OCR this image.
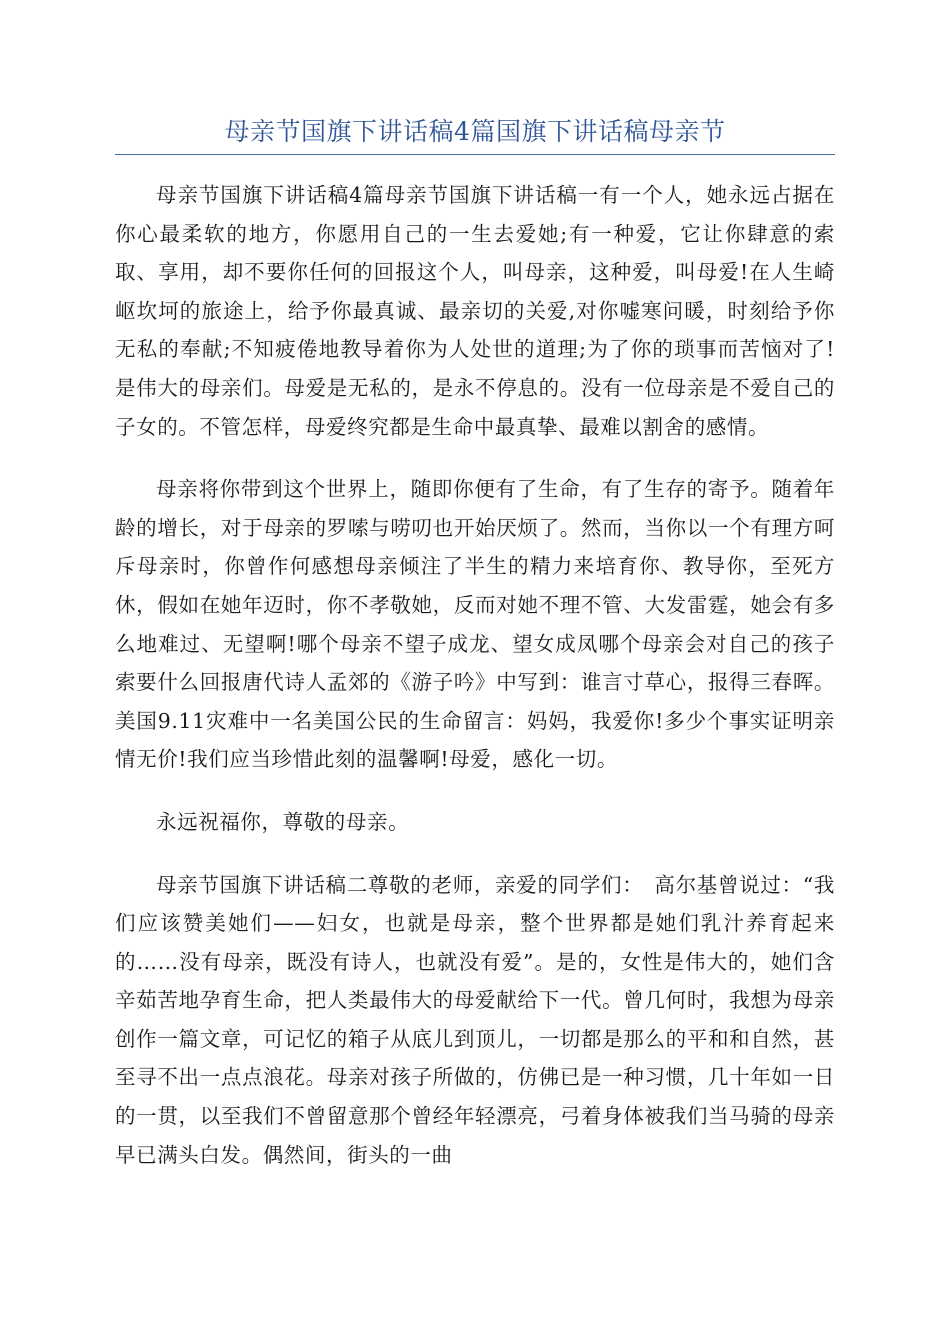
母亲节国旗下讲话稿4篇国旗下讲话稿母亲节

母亲节国旗下讲话稿4篇母亲节国旗下讲话稿一有一个人，她永远占据在你心最柔软的地方，你愿用自己的一生去爱她;有一种爱，它让你肆意的索取、享用，却不要你任何的回报这个人，叫母亲，这种爱，叫母爱!在人生崎岖坎坷的旅途上，给予你最真诚、最亲切的关爱,对你嘘寒问暖，时刻给予你无私的奉献;不知疲倦地教导着你为人处世的道理;为了你的琐事而苦恼对了!是伟大的母亲们。母爱是无私的，是永不停息的。没有一位母亲是不爱自己的子女的。不管怎样，母爱终究都是生命中最真挚、最难以割舍的感情。

母亲将你带到这个世界上，随即你便有了生命，有了生存的寄予。随着年龄的增长，对于母亲的罗嗦与唠叨也开始厌烦了。然而，当你以一个有理方呵斥母亲时，你曾作何感想母亲倾注了半生的精力来培育你、教导你，至死方休，假如在她年迈时，你不孝敬她，反而对她不理不管、大发雷霆，她会有多么地难过、无望啊!哪个母亲不望子成龙、望女成凤哪个母亲会对自己的孩子索要什么回报唐代诗人孟郊的《游子吟》中写到：谁言寸草心，报得三春晖。美国9.11灾难中一名美国公民的生命留言：妈妈，我爱你!多少个事实证明亲情无价!我们应当珍惜此刻的温馨啊!母爱，感化一切。

永远祝福你，尊敬的母亲。

母亲节国旗下讲话稿二尊敬的老师，亲爱的同学们：　高尔基曾说过：“我们应该赞美她们——妇女，也就是母亲，整个世界都是她们乳汁养育起来的……没有母亲，既没有诗人，也就没有爱”。是的，女性是伟大的，她们含辛茹苦地孕育生命，把人类最伟大的母爱献给下一代。曾几何时，我想为母亲创作一篇文章，可记忆的箱子从底儿到顶儿，一切都是那么的平和和自然，甚至寻不出一点点浪花。母亲对孩子所做的，仿佛已是一种习惯，几十年如一日的一贯，以至我们不曾留意那个曾经年轻漂亮，弓着身体被我们当马骑的母亲早已满头白发。偶然间，街头的一曲
